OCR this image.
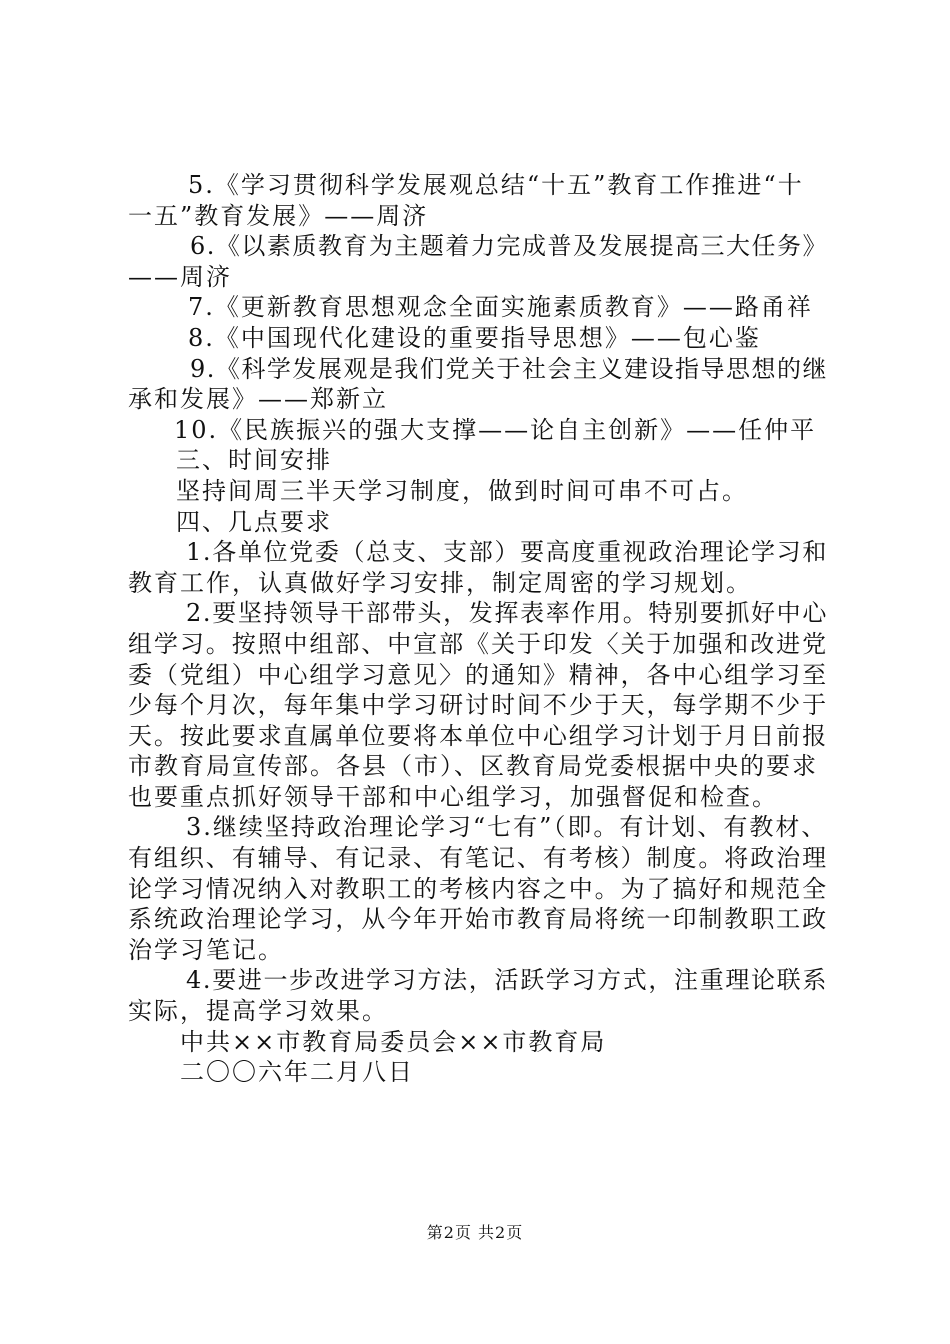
5.《学习贯彻科学发展观总结“十五”教育工作推进“十
一五”教育发展》——周济
6.《以素质教育为主题着力完成普及发展提高三大任务》
——周济
7.《更新教育思想观念全面实施素质教育》——路甬祥
8.《中国现代化建设的重要指导思想》——包心鉴
9.《科学发展观是我们党关于社会主义建设指导思想的继
承和发展》——郑新立
10.《民族振兴的强大支撑——论自主创新》——任仲平
三、时间安排
坚持间周三半天学习制度，做到时间可串不可占。
四、几点要求
1.各单位党委（总支、支部）要高度重视政治理论学习和
教育工作，认真做好学习安排，制定周密的学习规划。
2.要坚持领导干部带头，发挥表率作用。特别要抓好中心
组学习。按照中组部、中宣部《关于印发〈关于加强和改进党
委（党组）中心组学习意见〉的通知》精神，各中心组学习至
少每个月次，每年集中学习研讨时间不少于天，每学期不少于
天。按此要求直属单位要将本单位中心组学习计划于月日前报
市教育局宣传部。各县（市）、区教育局党委根据中央的要求
也要重点抓好领导干部和中心组学习，加强督促和检查。
3.继续坚持政治理论学习“七有”（即。有计划、有教材、
有组织、有辅导、有记录、有笔记、有考核）制度。将政治理
论学习情况纳入对教职工的考核内容之中。为了搞好和规范全
系统政治理论学习，从今年开始市教育局将统一印制教职工政
治学习笔记。
4.要进一步改进学习方法，活跃学习方式，注重理论联系
实际，提高学习效果。
中共××市教育局委员会××市教育局
二〇〇六年二月八日
第2页 共2页
